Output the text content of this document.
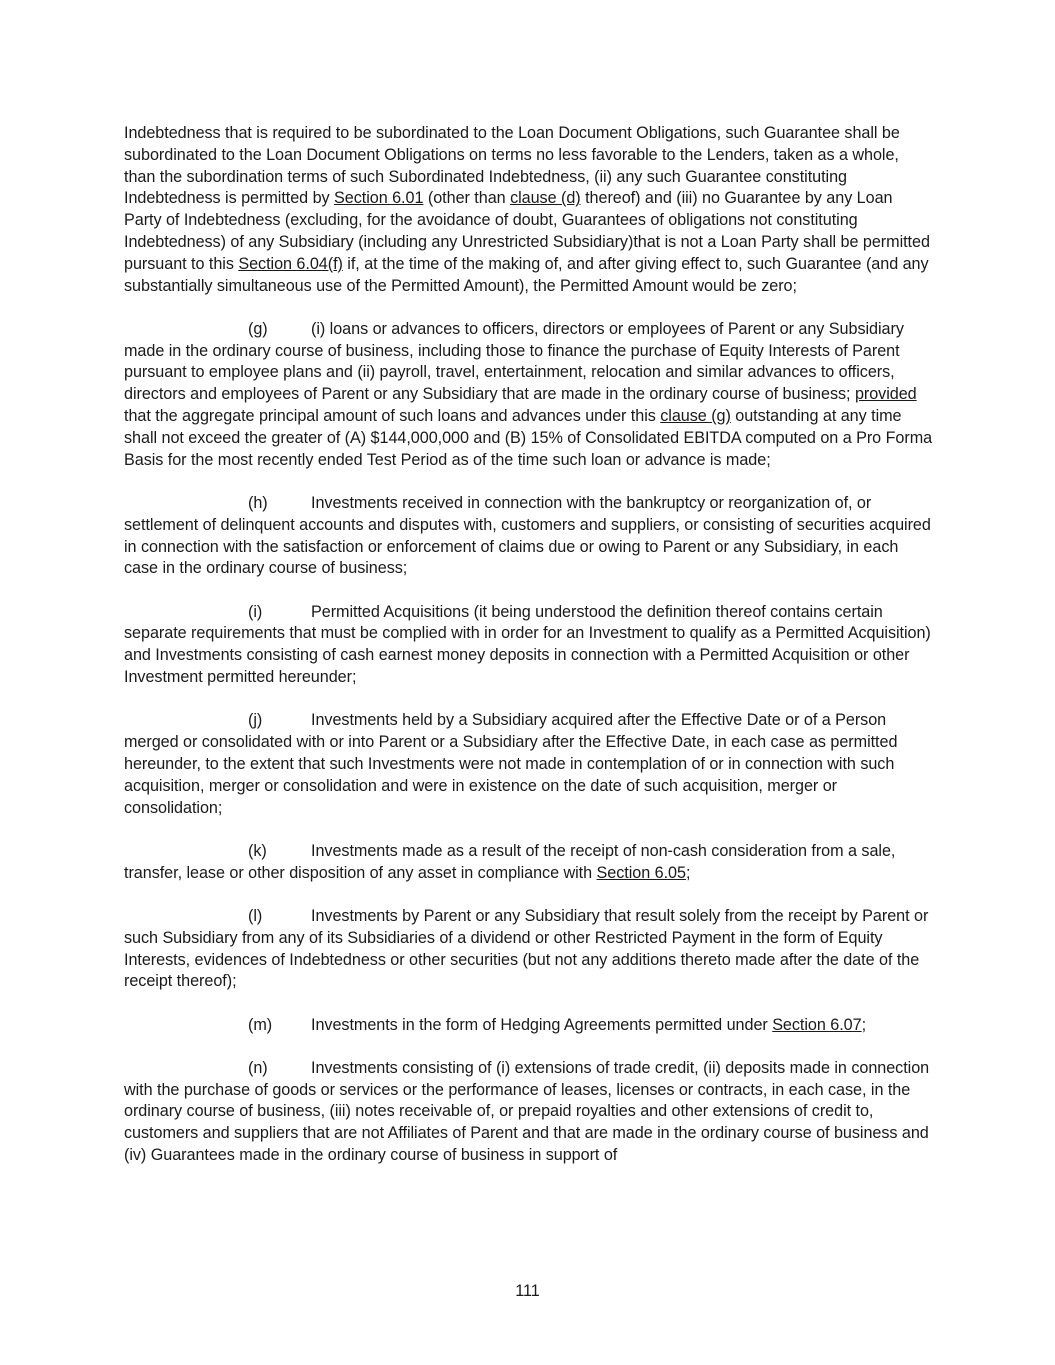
Indebtedness that is required to be subordinated to the Loan Document Obligations, such Guarantee shall be subordinated to the Loan Document Obligations on terms no less favorable to the Lenders, taken as a whole, than the subordination terms of such Subordinated Indebtedness, (ii) any such Guarantee constituting Indebtedness is permitted by Section 6.01 (other than clause (d) thereof) and (iii) no Guarantee by any Loan Party of Indebtedness (excluding, for the avoidance of doubt, Guarantees of obligations not constituting Indebtedness) of any Subsidiary (including any Unrestricted Subsidiary)that is not a Loan Party shall be permitted pursuant to this Section 6.04(f) if, at the time of the making of, and after giving effect to, such Guarantee (and any substantially simultaneous use of the Permitted Amount), the Permitted Amount would be zero;

(g)	(i) loans or advances to officers, directors or employees of Parent or any Subsidiary made in the ordinary course of business, including those to finance the purchase of Equity Interests of Parent pursuant to employee plans and (ii) payroll, travel, entertainment, relocation and similar advances to officers, directors and employees of Parent or any Subsidiary that are made in the ordinary course of business; provided that the aggregate principal amount of such loans and advances under this clause (g) outstanding at any time shall not exceed the greater of (A) $144,000,000 and (B) 15% of Consolidated EBITDA computed on a Pro Forma Basis for the most recently ended Test Period as of the time such loan or advance is made;

(h)	Investments received in connection with the bankruptcy or reorganization of, or settlement of delinquent accounts and disputes with, customers and suppliers, or consisting of securities acquired in connection with the satisfaction or enforcement of claims due or owing to Parent or any Subsidiary, in each case in the ordinary course of business;

(i)	Permitted Acquisitions (it being understood the definition thereof contains certain separate requirements that must be complied with in order for an Investment to qualify as a Permitted Acquisition) and Investments consisting of cash earnest money deposits in connection with a Permitted Acquisition or other Investment permitted hereunder;

(j)	Investments held by a Subsidiary acquired after the Effective Date or of a Person merged or consolidated with or into Parent or a Subsidiary after the Effective Date, in each case as permitted hereunder, to the extent that such Investments were not made in contemplation of or in connection with such acquisition, merger or consolidation and were in existence on the date of such acquisition, merger or consolidation;

(k)	Investments made as a result of the receipt of non-cash consideration from a sale, transfer, lease or other disposition of any asset in compliance with Section 6.05;

(l)	Investments by Parent or any Subsidiary that result solely from the receipt by Parent or such Subsidiary from any of its Subsidiaries of a dividend or other Restricted Payment in the form of Equity Interests, evidences of Indebtedness or other securities (but not any additions thereto made after the date of the receipt thereof);

(m) Investments in the form of Hedging Agreements permitted under Section 6.07;

(n)	Investments consisting of (i) extensions of trade credit, (ii) deposits made in connection with the purchase of goods or services or the performance of leases, licenses or contracts, in each case, in the ordinary course of business, (iii) notes receivable of, or prepaid royalties and other extensions of credit to, customers and suppliers that are not Affiliates of Parent and that are made in the ordinary course of business and (iv) Guarantees made in the ordinary course of business in support of

111
